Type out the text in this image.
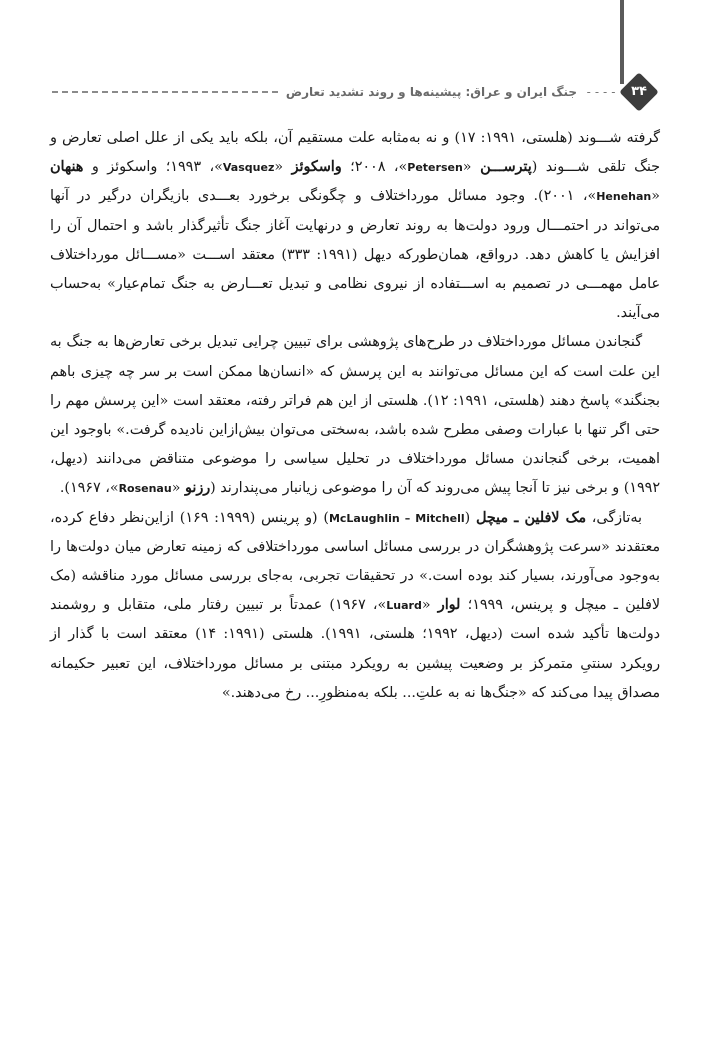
۳۴
----
جنگ ایران و عراق: پیشینه‌ها و روند تشدید تعارض

گرفته شـــوند (هلستی، ۱۹۹۱: ۱۷) و نه به‌مثابه علت مستقیم آن، بلکه باید یکی از علل اصلی تعارض و جنگ تلقی شـــوند (پترســـن «Petersen»، ۲۰۰۸؛ واسکوئز «Vasquez»، ۱۹۹۳؛ واسکوئز و هنهان «Henehan»، ۲۰۰۱). وجود مسائل مورداختلاف و چگونگی برخورد بعـــدی بازیگران درگیر در آنها می‌تواند در احتمـــال ورود دولت‌ها به روند تعارض و درنهایت آغاز جنگ تأثیرگذار باشد و احتمال آن را افزایش یا کاهش دهد. درواقع، همان‌طورکه دیهل (۱۹۹۱: ۳۳۳) معتقد اســـت «مســـائل مورداختلاف عامل مهمـــی در تصمیم به اســـتفاده از نیروی نظامی و تبدیل تعـــارض به جنگ تمام‌عیار» به‌حساب می‌آیند.

گنجاندن مسائل مورداختلاف در طرح‌های پژوهشی برای تبیین چرایی تبدیل برخی تعارض‌ها به جنگ به این علت است که این مسائل می‌توانند به این پرسش که «انسان‌ها ممکن است بر سر چه چیزی باهم بجنگند» پاسخ دهند (هلستی، ۱۹۹۱: ۱۲). هلستی از این هم فراتر رفته، معتقد است «این پرسش مهم را حتی اگر تنها با عبارات وصفی مطرح شده باشد، به‌سختی می‌توان بیش‌ازاین نادیده گرفت.» باوجود این اهمیت، برخی گنجاندن مسائل مورداختلاف در تحلیل سیاسی را موضوعی متناقض می‌دانند (دیهل، ۱۹۹۲) و برخی نیز تا آنجا پیش می‌روند که آن را موضوعی زیانبار می‌پندارند (رزنو «Rosenau»، ۱۹۶۷).

به‌تازگی، مک لافلین ـ میچل (McLaughlin – Mitchell) (و پرینس (۱۹۹۹: ۱۶۹) ازاین‌نظر دفاع کرده، معتقدند «سرعت پژوهشگران در بررسی مسائل اساسی مورداختلافی که زمینه تعارض میان دولت‌ها را به‌وجود می‌آورند، بسیار کند بوده است.» در تحقیقات تجربی، به‌جای بررسی مسائل مورد مناقشه (مک لافلین ـ میچل و پرینس، ۱۹۹۹؛ لوار «Luard»، ۱۹۶۷) عمدتاً بر تبیین رفتار ملی، متقابل و روشمند دولت‌ها تأکید شده است (دیهل، ۱۹۹۲؛ هلستی، ۱۹۹۱). هلستی (۱۹۹۱: ۱۴) معتقد است با گذار از رویکرد سنتیِ متمرکز بر وضعیت پیشین به رویکرد مبتنی بر مسائل مورداختلاف، این تعبیر حکیمانه مصداق پیدا می‌کند که «جنگ‌ها نه به علتِ... بلکه به‌منظورِ... رخ می‌دهند.»
